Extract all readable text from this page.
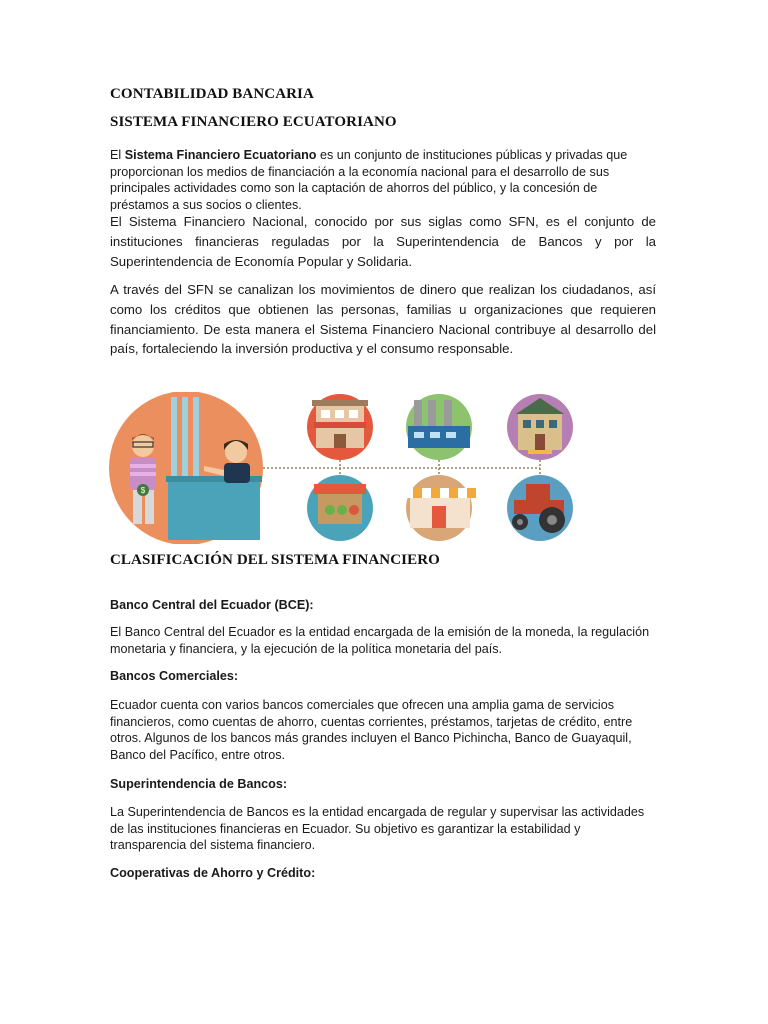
CONTABILIDAD BANCARIA
SISTEMA FINANCIERO ECUATORIANO

El Sistema Financiero Ecuatoriano es un conjunto de instituciones públicas y privadas que proporcionan los medios de financiación a la economía nacional para el desarrollo de sus principales actividades como son la captación de ahorros del público, y la concesión de préstamos a sus socios o clientes.

El Sistema Financiero Nacional, conocido por sus siglas como SFN, es el conjunto de instituciones financieras reguladas por la Superintendencia de Bancos y por la Superintendencia de Economía Popular y Solidaria.

A través del SFN se canalizan los movimientos de dinero que realizan los ciudadanos, así como los créditos que obtienen las personas, familias u organizaciones que requieren financiamiento. De esta manera el Sistema Financiero Nacional contribuye al desarrollo del país, fortaleciendo la inversión productiva y el consumo responsable.

$
CLASIFICACIÓN DEL SISTEMA FINANCIERO
Banco Central del Ecuador (BCE):

El Banco Central del Ecuador es la entidad encargada de la emisión de la moneda, la regulación monetaria y financiera, y la ejecución de la política monetaria del país.

Bancos Comerciales:

Ecuador cuenta con varios bancos comerciales que ofrecen una amplia gama de servicios financieros, como cuentas de ahorro, cuentas corrientes, préstamos, tarjetas de crédito, entre otros. Algunos de los bancos más grandes incluyen el Banco Pichincha, Banco de Guayaquil, Banco del Pacífico, entre otros.

Superintendencia de Bancos:

La Superintendencia de Bancos es la entidad encargada de regular y supervisar las actividades de las instituciones financieras en Ecuador. Su objetivo es garantizar la estabilidad y transparencia del sistema financiero.

Cooperativas de Ahorro y Crédito:
